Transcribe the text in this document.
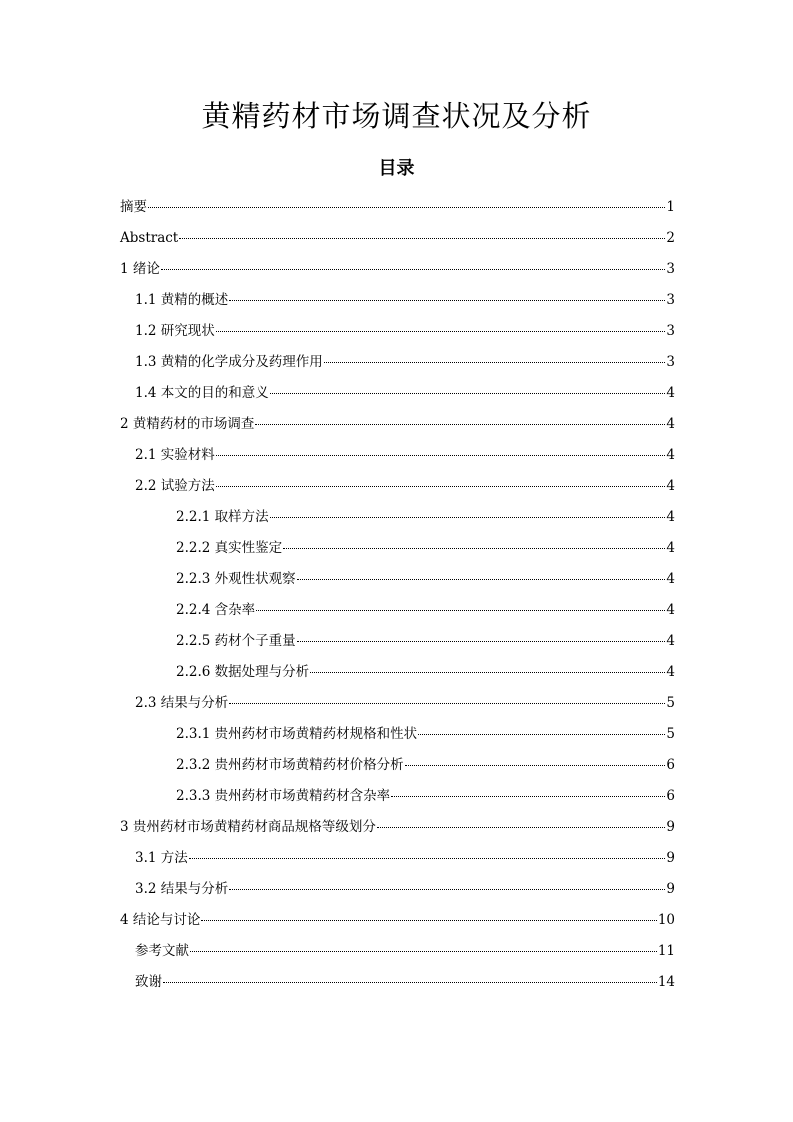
黄精药材市场调查状况及分析
目录
摘要	1
Abstract	2
1 绪论	3
1.1 黄精的概述	3
1.2 研究现状	3
1.3 黄精的化学成分及药理作用	3
1.4 本文的目的和意义	4
2 黄精药材的市场调查	4
2.1 实验材料	4
2.2 试验方法	4
2.2.1 取样方法	4
2.2.2 真实性鉴定	4
2.2.3 外观性状观察	4
2.2.4 含杂率	4
2.2.5 药材个子重量	4
2.2.6 数据处理与分析	4
2.3 结果与分析	5
2.3.1 贵州药材市场黄精药材规格和性状	5
2.3.2 贵州药材市场黄精药材价格分析	6
2.3.3 贵州药材市场黄精药材含杂率	6
3 贵州药材市场黄精药材商品规格等级划分	9
3.1 方法	9
3.2 结果与分析	9
4 结论与讨论	10
参考文献	11
致谢	14
